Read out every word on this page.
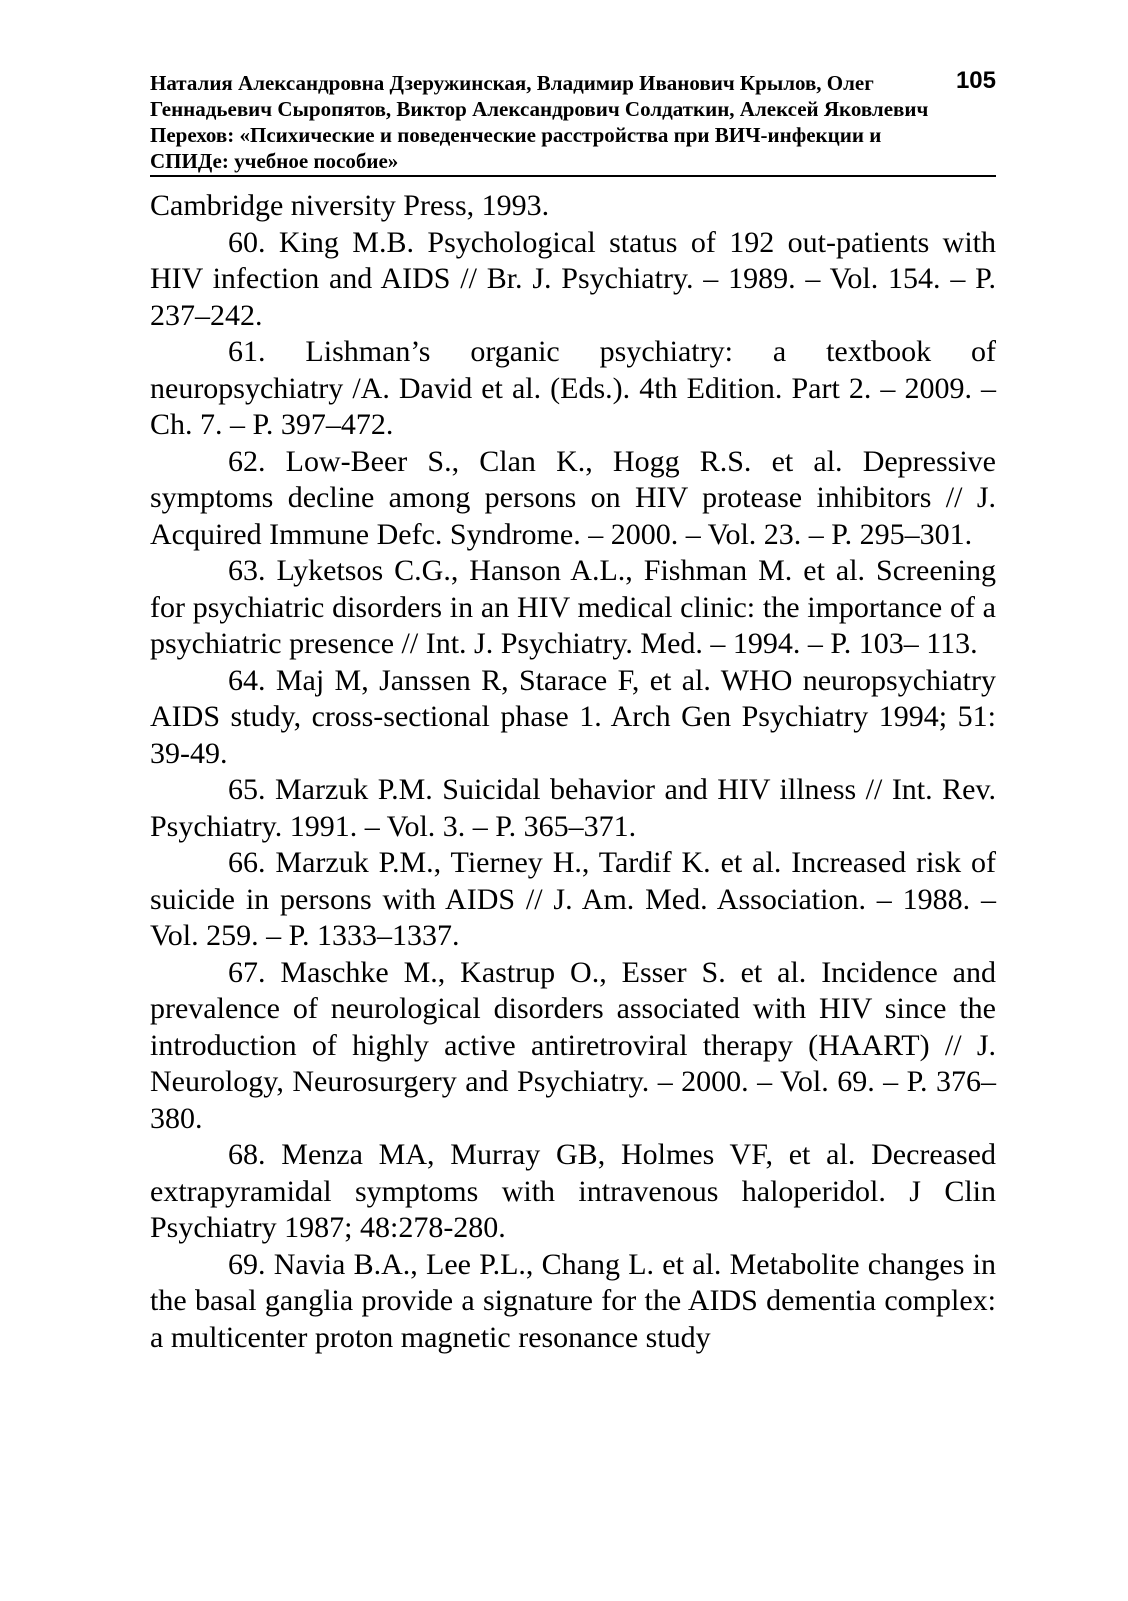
Наталия Александровна Дзеружинская, Владимир Иванович Крылов, Олег Геннадьевич Сыропятов, Виктор Александрович Солдаткин, Алексей Яковлевич Перехов: «Психические и поведенческие расстройства при ВИЧ-инфекции и СПИДе: учебное пособие»
105

Cambridge niversity Press, 1993.

60. King M.B. Psychological status of 192 out-patients with HIV infection and AIDS // Br. J. Psychiatry. – 1989. – Vol. 154. – P. 237–242.

61. Lishman’s organic psychiatry: a textbook of neuropsychiatry /A. David et al. (Eds.). 4th Edition. Part 2. – 2009. – Ch. 7. – P. 397–472.

62. Low-Beer S., Clan K., Hogg R.S. et al. Depressive symptoms decline among persons on HIV protease inhibitors // J. Acquired Immune Defc. Syndrome. – 2000. – Vol. 23. – P. 295–301.

63. Lyketsos C.G., Hanson A.L., Fishman M. et al. Screening for psychiatric disorders in an HIV medical clinic: the importance of a psychiatric presence // Int. J. Psychiatry. Med. – 1994. – P. 103– 113.

64. Maj M, Janssen R, Starace F, et al. WHO neuropsychiatry AIDS study, cross-sectional phase 1. Arch Gen Psychiatry 1994; 51: 39-49.

65. Marzuk P.M. Suicidal behavior and HIV illness // Int. Rev. Psychiatry. 1991. – Vol. 3. – P. 365–371.

66. Marzuk P.M., Tierney H., Tardif K. et al. Increased risk of suicide in persons with AIDS // J. Am. Med. Association. – 1988. – Vol. 259. – P. 1333–1337.

67. Maschke M., Kastrup O., Esser S. et al. Incidence and prevalence of neurological disorders associated with HIV since the introduction of highly active antiretroviral therapy (HAART) // J. Neurology, Neurosurgery and Psychiatry. – 2000. – Vol. 69. – P. 376–380.

68. Menza MA, Murray GB, Holmes VF, et al. Decreased extrapyramidal symptoms with intravenous haloperidol. J Clin Psychiatry 1987; 48:278-280.

69. Navia B.A., Lee P.L., Chang L. et al. Metabolite changes in the basal ganglia provide a signature for the AIDS dementia complex: a multicenter proton magnetic resonance study
